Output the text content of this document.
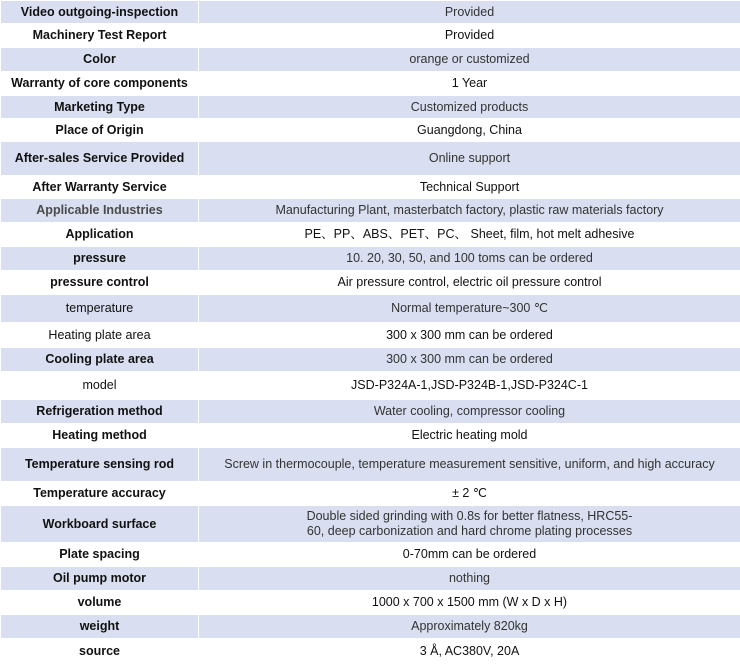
Video outgoing-inspection	Provided
Machinery Test Report	Provided
Color	orange or customized
Warranty of core components	1 Year
Marketing Type	Customized products
Place of Origin	Guangdong, China
After-sales Service Provided	Online support
After Warranty Service	Technical Support
Applicable Industries	Manufacturing Plant, masterbatch factory, plastic raw materials factory
Application	PE、PP、ABS、PET、PC、 Sheet, film, hot melt adhesive
pressure	10. 20, 30, 50, and 100 toms can be ordered
pressure control	Air pressure control, electric oil pressure control
temperature	Normal temperature~300 ℃
Heating plate area	300 x 300 mm can be ordered
Cooling plate area	300 x 300 mm can be ordered
model	JSD-P324A-1,JSD-P324B-1,JSD-P324C-1
Refrigeration method	Water cooling, compressor cooling
Heating method	Electric heating mold
Temperature sensing rod	Screw in thermocouple, temperature measurement sensitive, uniform, and high accuracy
Temperature accuracy	± 2 ℃
Workboard surface	Double sided grinding with 0.8s for better flatness, HRC55-
60, deep carbonization and hard chrome plating processes

Plate spacing	0-70mm can be ordered
Oil pump motor	nothing
volume	1000 x 700 x 1500 mm (W x D x H)
weight	Approximately 820kg
source	3 Å, AC380V, 20A
